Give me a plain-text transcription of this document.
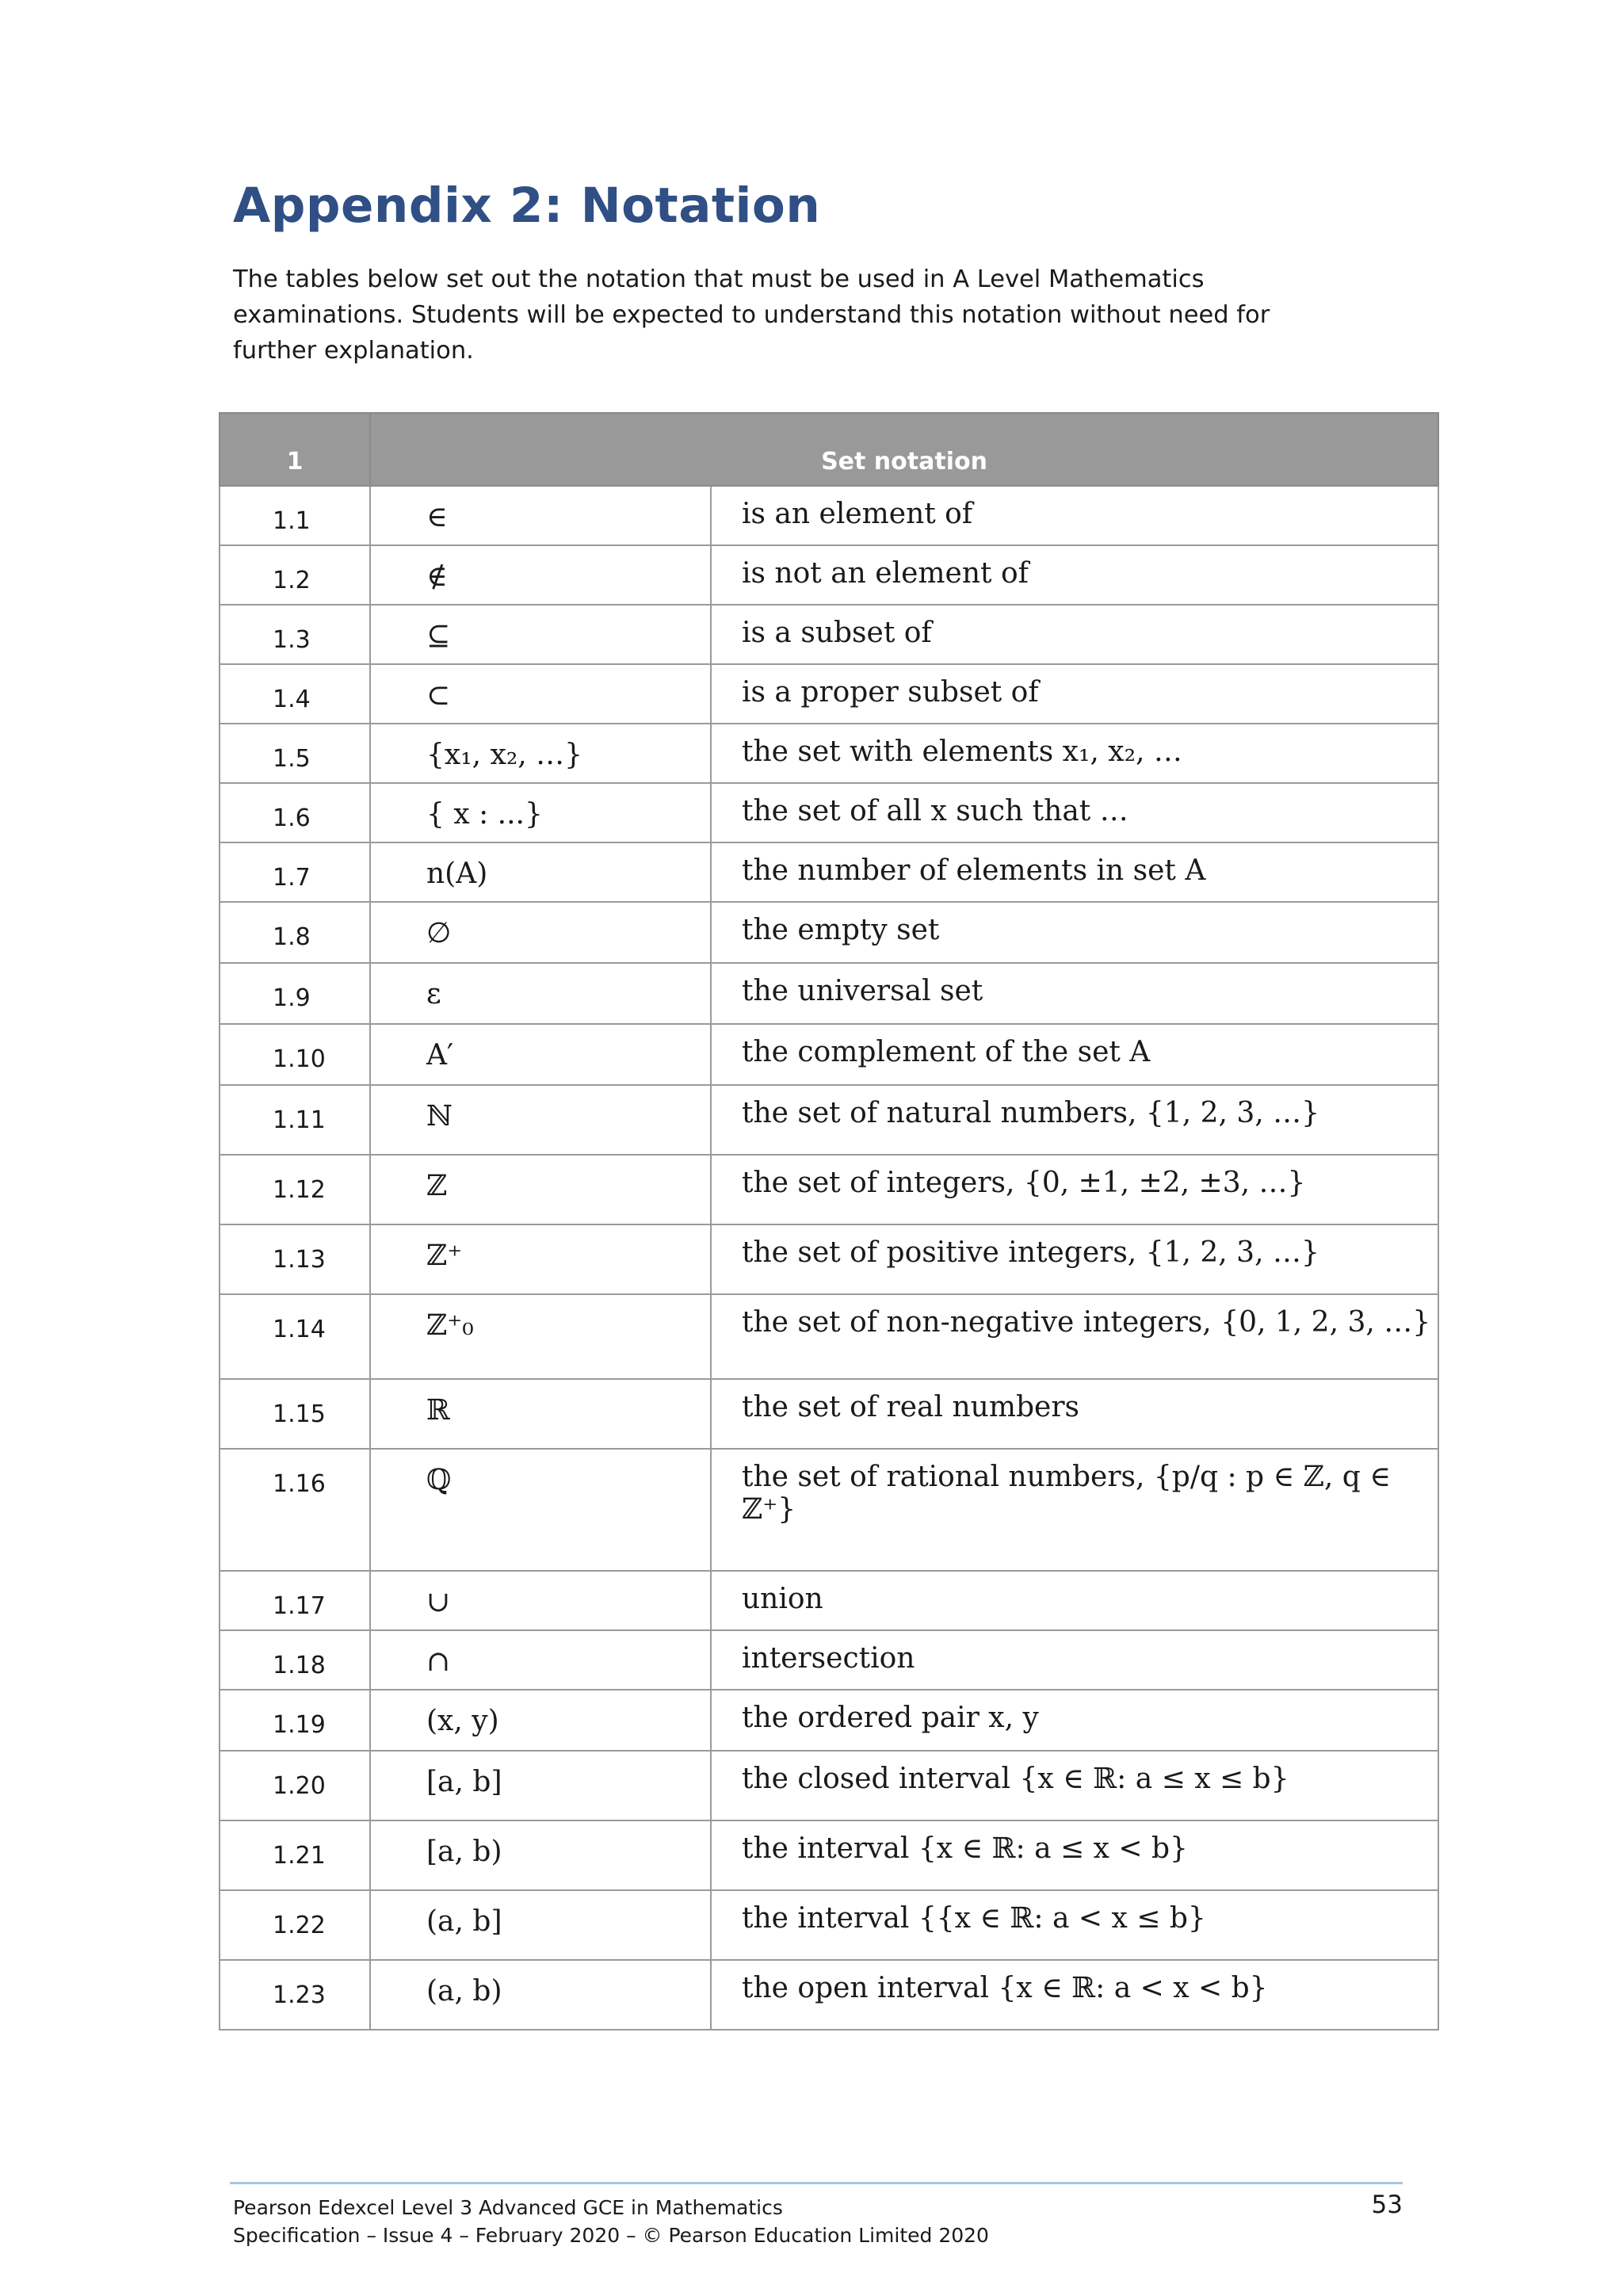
Appendix 2: Notation

The tables below set out the notation that must be used in A Level Mathematics examinations. Students will be expected to understand this notation without need for further explanation.

1	Set notation	
1.1	∈	is an element of
1.2	∉	is not an element of
1.3	⊆	is a subset of
1.4	⊂	is a proper subset of
1.5	{x₁, x₂, …}	the set with elements x₁, x₂, …
1.6	{ x : ...}	the set of all x such that …
1.7	n(A)	the number of elements in set A
1.8	∅	the empty set
1.9	ε	the universal set
1.10	A′	the complement of the set A
1.11	ℕ	the set of natural numbers, {1, 2, 3, …}
1.12	ℤ	the set of integers, {0, ±1, ±2, ±3, …}
1.13	ℤ⁺	the set of positive integers, {1, 2, 3, …}
1.14	ℤ⁺₀	the set of non-negative integers, {0, 1, 2, 3, …}
1.15	ℝ	the set of real numbers
1.16	ℚ	the set of rational numbers, {p/q : p ∈ ℤ, q ∈ ℤ⁺}
1.17	∪	union
1.18	∩	intersection
1.19	(x, y)	the ordered pair x, y
1.20	[a, b]	the closed interval {x ∈ ℝ: a ≤ x ≤ b}
1.21	[a, b)	the interval {x ∈ ℝ: a ≤ x < b}
1.22	(a, b]	the interval {{x ∈ ℝ: a < x ≤ b}
1.23	(a, b)	the open interval {x ∈ ℝ: a < x < b}
Pearson Edexcel Level 3 Advanced GCE in Mathematics
Specification – Issue 4 – February 2020 – © Pearson Education Limited 2020
53
